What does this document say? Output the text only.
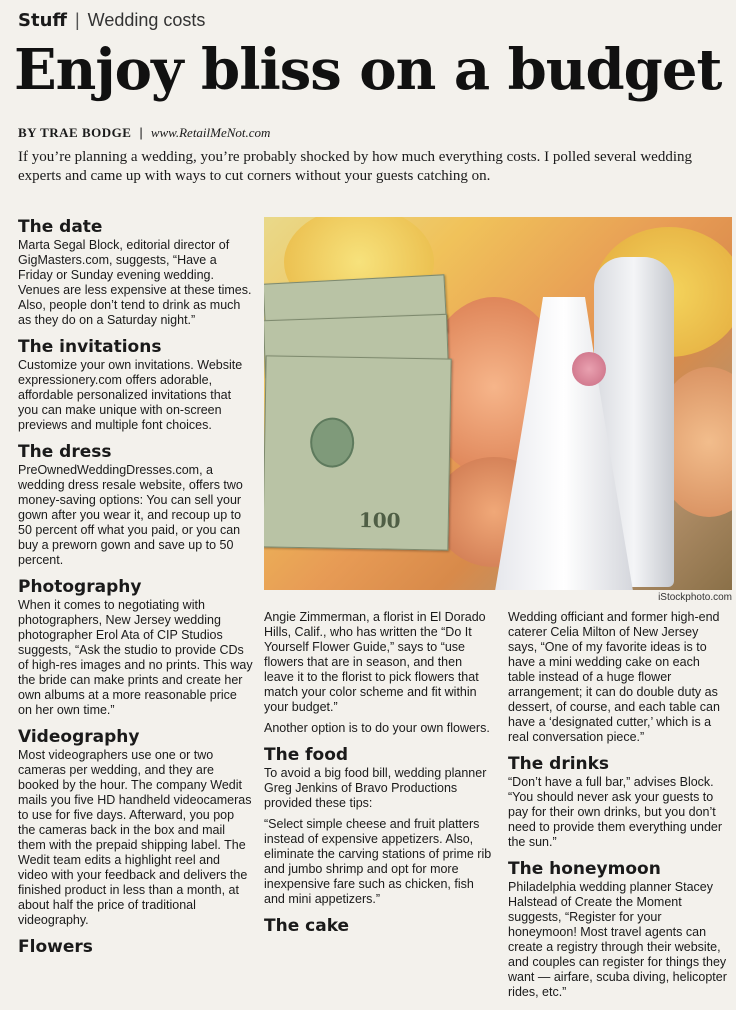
Stuff | Wedding costs
Enjoy bliss on a budget
BY TRAE BODGE | www.RetailMeNot.com
If you’re planning a wedding, you’re probably shocked by how much everything costs. I polled several wedding experts and came up with ways to cut corners without your guests catching on.
The date

Marta Segal Block, editorial director of GigMasters.com, suggests, “Have a Friday or Sunday evening wedding. Venues are less expensive at these times. Also, people don’t tend to drink as much as they do on a Saturday night.”

The invitations

Customize your own invitations. Website expressionery.com offers adorable, affordable personalized invitations that you can make unique with on-screen previews and multiple font choices.

The dress

PreOwnedWeddingDresses.com, a wedding dress resale website, offers two money-saving options: You can sell your gown after you wear it, and recoup up to 50 percent off what you paid, or you can buy a preworn gown and save up to 50 percent.

Photography

When it comes to negotiating with photographers, New Jersey wedding photographer Erol Ata of CIP Studios suggests, “Ask the studio to provide CDs of high-res images and no prints. This way the bride can make prints and create her own albums at a more reasonable price on her own time.”

Videography

Most videographers use one or two cameras per wedding, and they are booked by the hour. The company Wedit mails you five HD handheld videocameras to use for five days. Afterward, you pop the cameras back in the box and mail them with the prepaid shipping label. The Wedit team edits a highlight reel and video with your feedback and delivers the finished product in less than a month, at about half the price of traditional videography.

Flowers
100
iStockphoto.com

Angie Zimmerman, a florist in El Dorado Hills, Calif., who has written the “Do It Yourself Flower Guide,” says to “use flowers that are in season, and then leave it to the florist to pick flowers that match your color scheme and fit within your budget.”

Another option is to do your own flowers.

The food

To avoid a big food bill, wedding planner Greg Jenkins of Bravo Productions provided these tips:

“Select simple cheese and fruit platters instead of expensive appetizers. Also, eliminate the carving stations of prime rib and jumbo shrimp and opt for more inexpensive fare such as chicken, fish and mini appetizers.”

The cake

Wedding officiant and former high-end caterer Celia Milton of New Jersey says, “One of my favorite ideas is to have a mini wedding cake on each table instead of a huge flower arrangement; it can do double duty as dessert, of course, and each table can have a ‘designated cutter,’ which is a real conversation piece.”

The drinks

“Don’t have a full bar,” advises Block. “You should never ask your guests to pay for their own drinks, but you don’t need to provide them everything under the sun.”

The honeymoon

Philadelphia wedding planner Stacey Halstead of Create the Moment suggests, “Register for your honeymoon! Most travel agents can create a registry through their website, and couples can register for things they want — airfare, scuba diving, helicopter rides, etc.”
